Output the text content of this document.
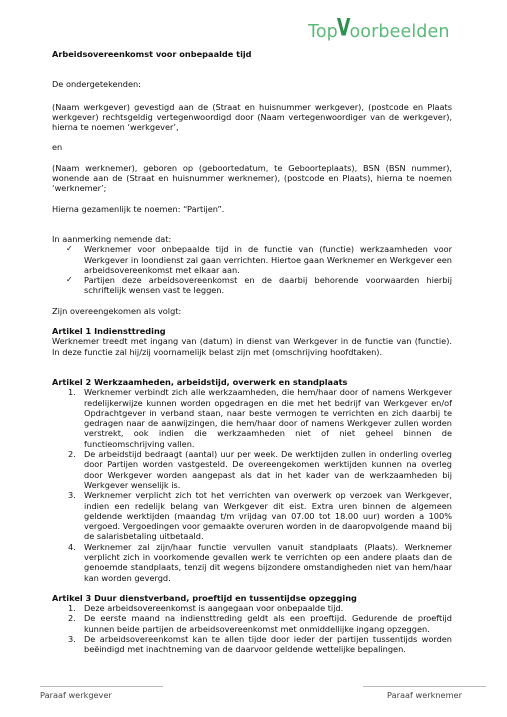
TopVoorbeelden

Arbeidsovereenkomst voor onbepaalde tijd

De ondergetekenden:

(Naam werkgever) gevestigd aan de (Straat en huisnummer werkgever), (postcode en Plaats werkgever) rechtsgeldig vertegenwoordigd door (Naam vertegenwoordiger van de werkgever), hierna te noemen ‘werkgever’,

en

(Naam werknemer), geboren op (geboortedatum, te Geboorteplaats), BSN (BSN nummer), wonende aan de (Straat en huisnummer werknemer), (postcode en Plaats), hierna te noemen ‘werknemer’;

Hierna gezamenlijk te noemen: “Partijen”.

In aanmerking nemende dat:

✓ Werknemer voor onbepaalde tijd in de functie van (functie) werkzaamheden voor Werkgever in loondienst zal gaan verrichten. Hiertoe gaan Werknemer en Werkgever een arbeidsovereenkomst met elkaar aan.
✓ Partijen deze arbeidsovereenkomst en de daarbij behorende voorwaarden hierbij schriftelijk wensen vast te leggen.

Zijn overeengekomen als volgt:

Artikel 1 Indiensttreding

Werknemer treedt met ingang van (datum) in dienst van Werkgever in de functie van (functie). In deze functie zal hij/zij voornamelijk belast zijn met (omschrijving hoofdtaken).

Artikel 2 Werkzaamheden, arbeidstijd, overwerk en standplaats

1. Werknemer verbindt zich alle werkzaamheden, die hem/haar door of namens Werkgever redelijkerwijze kunnen worden opgedragen en die met het bedrijf van Werkgever en/of Opdrachtgever in verband staan, naar beste vermogen te verrichten en zich daarbij te gedragen naar de aanwijzingen, die hem/haar door of namens Werkgever zullen worden verstrekt, ook indien die werkzaamheden niet of niet geheel binnen de functieomschrijving vallen.
2. De arbeidstijd bedraagt (aantal) uur per week. De werktijden zullen in onderling overleg door Partijen worden vastgesteld. De overeengekomen werktijden kunnen na overleg door Werkgever worden aangepast als dat in het kader van de werkzaamheden bij Werkgever wenselijk is.
3. Werknemer verplicht zich tot het verrichten van overwerk op verzoek van Werkgever, indien een redelijk belang van Werkgever dit eist. Extra uren binnen de algemeen geldende werktijden (maandag t/m vrijdag van 07.00 tot 18.00 uur) worden a 100% vergoed. Vergoedingen voor gemaakte overuren worden in de daaropvolgende maand bij de salarisbetaling uitbetaald.
4. Werknemer zal zijn/haar functie vervullen vanuit standplaats (Plaats). Werknemer verplicht zich in voorkomende gevallen werk te verrichten op een andere plaats dan de genoemde standplaats, tenzij dit wegens bijzondere omstandigheden niet van hem/haar kan worden gevergd.

Artikel 3 Duur dienstverband, proeftijd en tussentijdse opzegging

1. Deze arbeidsovereenkomst is aangegaan voor onbepaalde tijd.
2. De eerste maand na indiensttreding geldt als een proeftijd. Gedurende de proeftijd kunnen beide partijen de arbeidsovereenkomst met onmiddellijke ingang opzeggen.
3. De arbeidsovereenkomst kan te allen tijde door ieder der partijen tussentijds worden beëindigd met inachtneming van de daarvoor geldende wettelijke bepalingen.
Paraaf werkgever	Paraaf werknemer
